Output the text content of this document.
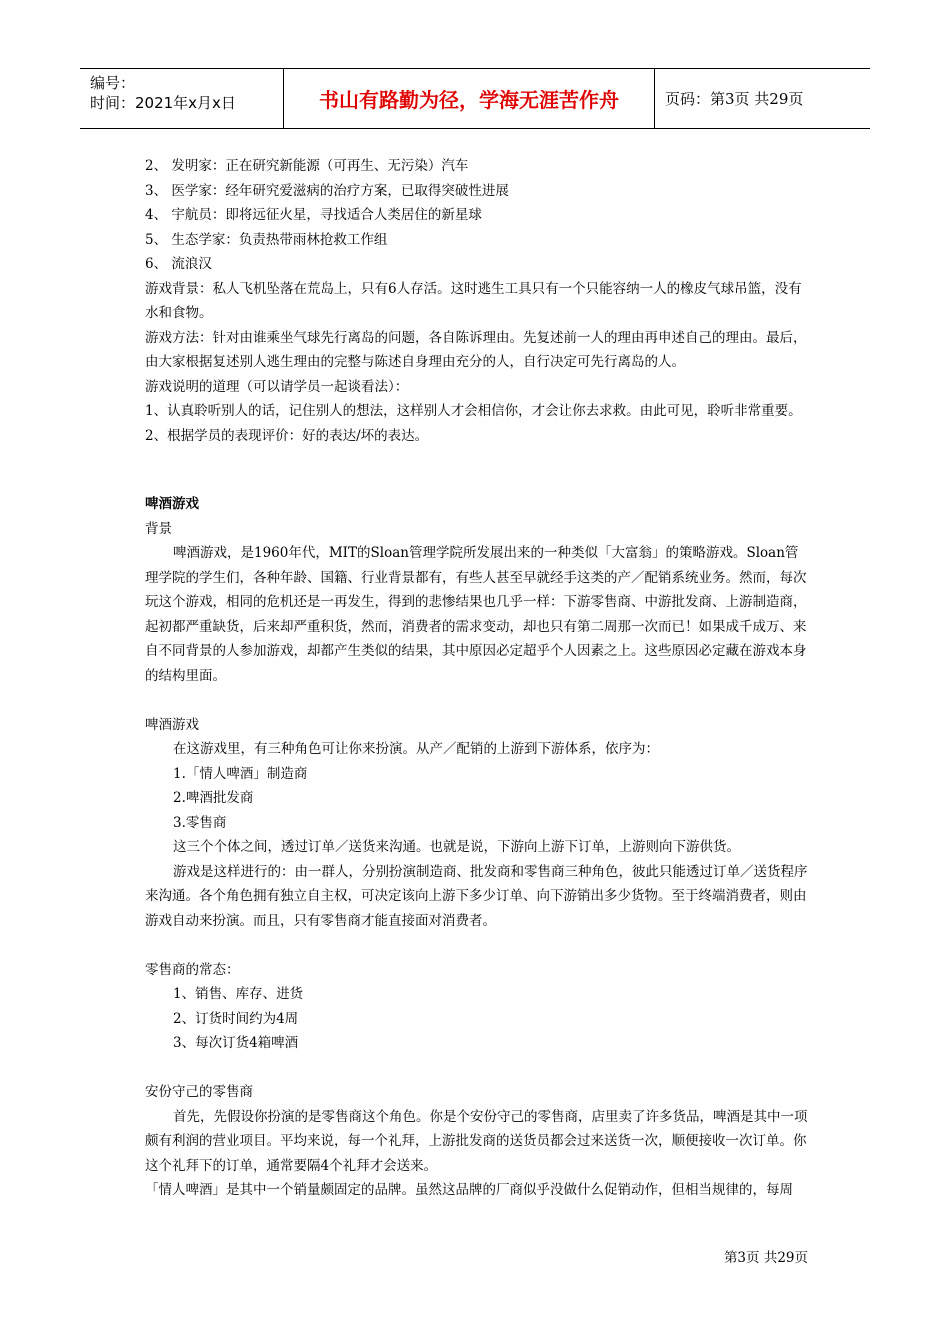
编号：
时间：2021年x月x日	书山有路勤为径，学海无涯苦作舟	页码：第3页 共29页

2、 发明家：正在研究新能源（可再生、无污染）汽车

3、 医学家：经年研究爱滋病的治疗方案，已取得突破性进展

4、 宇航员：即将远征火星，寻找适合人类居住的新星球

5、 生态学家：负责热带雨林抢救工作组

6、 流浪汉

游戏背景：私人飞机坠落在荒岛上，只有6人存活。这时逃生工具只有一个只能容纳一人的橡皮气球吊篮，没有水和食物。

游戏方法：针对由谁乘坐气球先行离岛的问题，各自陈诉理由。先复述前一人的理由再申述自己的理由。最后，由大家根据复述别人逃生理由的完整与陈述自身理由充分的人，自行决定可先行离岛的人。

游戏说明的道理（可以请学员一起谈看法）：

1、认真聆听别人的话，记住别人的想法，这样别人才会相信你，才会让你去求救。由此可见，聆听非常重要。

2、根据学员的表现评价：好的表达/坏的表达。

啤酒游戏

背景

啤酒游戏，是1960年代，MIT的Sloan管理学院所发展出来的一种类似「大富翁」的策略游戏。Sloan管理学院的学生们，各种年龄、国籍、行业背景都有，有些人甚至早就经手这类的产／配销系统业务。然而，每次玩这个游戏，相同的危机还是一再发生，得到的悲惨结果也几乎一样：下游零售商、中游批发商、上游制造商，起初都严重缺货，后来却严重积货，然而，消费者的需求变动，却也只有第二周那一次而已！如果成千成万、来自不同背景的人参加游戏，却都产生类似的结果，其中原因必定超乎个人因素之上。这些原因必定藏在游戏本身的结构里面。

啤酒游戏

在这游戏里，有三种角色可让你来扮演。从产／配销的上游到下游体系，依序为：

1.「情人啤酒」制造商

2.啤酒批发商

3.零售商

这三个个体之间，透过订单／送货来沟通。也就是说，下游向上游下订单，上游则向下游供货。

游戏是这样进行的：由一群人，分别扮演制造商、批发商和零售商三种角色，彼此只能透过订单／送货程序来沟通。各个角色拥有独立自主权，可决定该向上游下多少订单、向下游销出多少货物。至于终端消费者，则由游戏自动来扮演。而且，只有零售商才能直接面对消费者。

零售商的常态：

1、销售、库存、进货

2、订货时间约为4周

3、每次订货4箱啤酒

安份守己的零售商

首先，先假设你扮演的是零售商这个角色。你是个安份守己的零售商，店里卖了许多货品，啤酒是其中一项颇有利润的营业项目。平均来说，每一个礼拜，上游批发商的送货员都会过来送货一次，顺便接收一次订单。你这个礼拜下的订单，通常要隔4个礼拜才会送来。

「情人啤酒」是其中一个销量颇固定的品牌。虽然这品牌的厂商似乎没做什么促销动作，但相当规律的，每周

第3页 共29页
